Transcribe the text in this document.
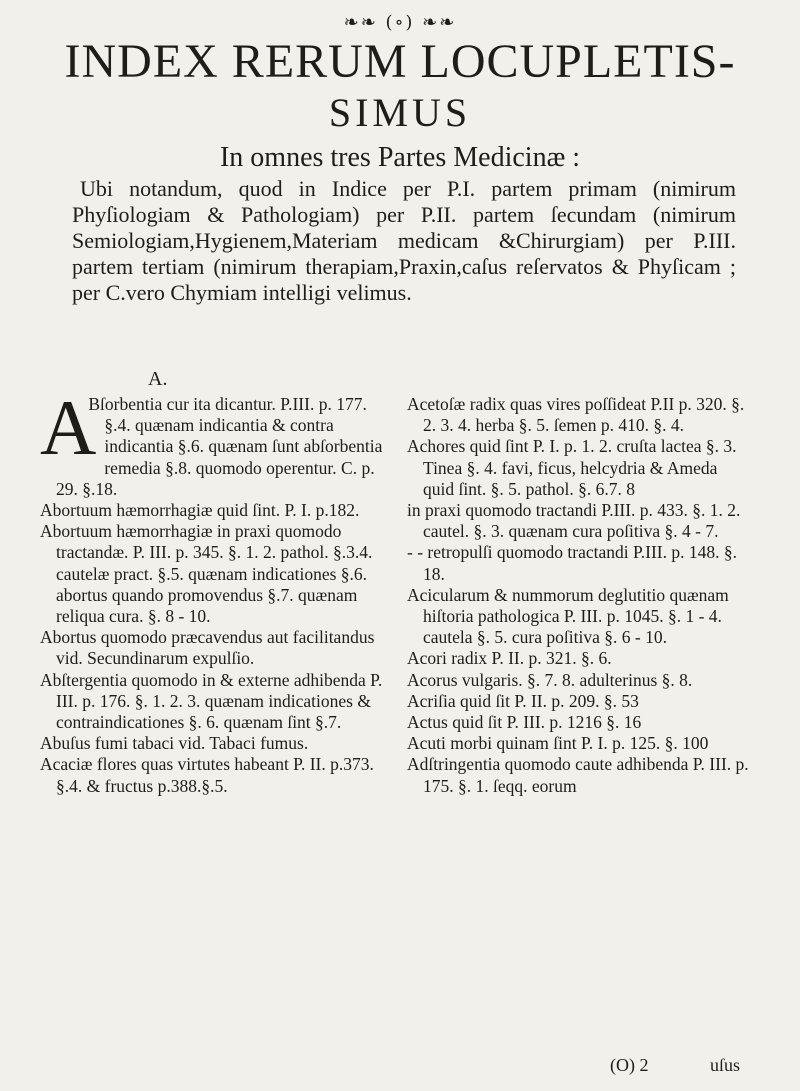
❧❧ (∘) ❧❧
INDEX RERUM LOCUPLETIS-
SIMUS
In omnes tres Partes Medicinæ :
Ubi notandum, quod in Indice per P.I. partem primam (nimirum Phyſiologiam & Pathologiam) per P.II. partem ſecundam (nimirum Semiologiam,Hygienem,Materiam medicam &Chirurgiam) per P.III. partem tertiam (nimirum therapiam,Praxin,caſus reſervatos & Phyſicam ; per C.vero Chymiam intelligi velimus.
A.

A
Bſorbentia cur ita dicantur. P.III. p. 177. §.4. quænam indicantia & contra indicantia §.6. quænam ſunt abſorbentia remedia §.8. quomodo operentur. C. p. 29. §.18.

Abortuum hæmorrhagiæ quid ſint. P. I. p.182.

Abortuum hæmorrhagiæ in praxi quomodo tractandæ. P. III. p. 345. §. 1. 2. pathol. §.3.4. cautelæ pract. §.5. quænam indicationes §.6. abortus quando promovendus §.7. quænam reliqua cura. §. 8 - 10.

Abortus quomodo præcavendus aut facilitandus vid. Secundinarum expulſio.

Abſtergentia quomodo in & externe adhibenda P. III. p. 176. §. 1. 2. 3. quænam indicationes & contraindicationes §. 6. quænam ſint §.7.

Abuſus fumi tabaci vid. Tabaci fumus.

Acaciæ flores quas virtutes habeant P. II. p.373. §.4. & fructus p.388.§.5.

Acetoſæ radix quas vires poſſideat P.II p. 320. §. 2. 3. 4. herba §. 5. ſemen p. 410. §. 4.

Achores quid ſint P. I. p. 1. 2. cruſta lactea §. 3. Tinea §. 4. favi, ficus, helcydria & Ameda quid ſint. §. 5. pathol. §. 6.7. 8

in praxi quomodo tractandi P.III. p. 433. §. 1. 2. cautel. §. 3. quænam cura poſitiva §. 4 - 7.

- - retropulſi quomodo tractandi P.III. p. 148. §. 18.

Acicularum & nummorum deglutitio quænam hiſtoria pathologica P. III. p. 1045. §. 1 - 4. cautela §. 5. cura poſitiva §. 6 - 10.

Acori radix P. II. p. 321. §. 6.

Acorus vulgaris. §. 7. 8. adulterinus §. 8.

Acriſia quid ſit P. II. p. 209. §. 53

Actus quid ſit P. III. p. 1216 §. 16

Acuti morbi quinam ſint P. I. p. 125. §. 100

Adſtringentia quomodo caute adhibenda P. III. p. 175. §. 1. ſeqq. eorum

(O) 2	uſus
